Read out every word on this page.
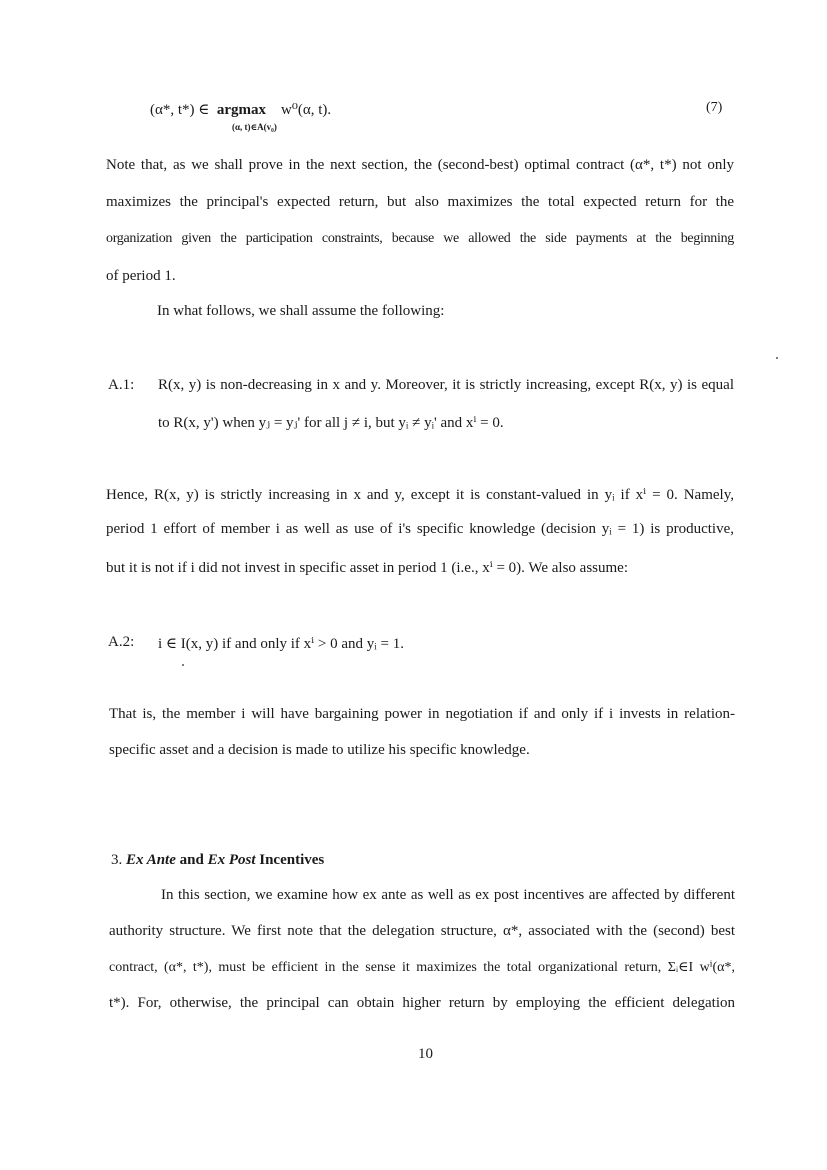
(α*, t*) ∈ argmax w⁰(α, t).
(α, t)∈A(v₀)
(7)
Note that, as we shall prove in the next section, the (second-best) optimal contract (α*, t*) not only
maximizes the principal's expected return, but also maximizes the total expected return for the
organization given the participation constraints, because we allowed the side payments at the beginning
of period 1.
In what follows, we shall assume the following:
A.1: R(x, y) is non-decreasing in x and y. Moreover, it is strictly increasing, except R(x, y) is equal
to R(x, y') when yⱼ = yⱼ' for all j ≠ i, but yᵢ ≠ yᵢ' and xⁱ = 0.
Hence, R(x, y) is strictly increasing in x and y, except it is constant-valued in yᵢ if xⁱ = 0. Namely,
period 1 effort of member i as well as use of i's specific knowledge (decision yᵢ = 1) is productive,
but it is not if i did not invest in specific asset in period 1 (i.e., xⁱ = 0). We also assume:
A.2: i ∈ I(x, y) if and only if xⁱ > 0 and yᵢ = 1.
That is, the member i will have bargaining power in negotiation if and only if i invests in relation-
specific asset and a decision is made to utilize his specific knowledge.
3. Ex Ante and Ex Post Incentives
In this section, we examine how ex ante as well as ex post incentives are affected by different
authority structure. We first note that the delegation structure, α*, associated with the (second) best
contract, (α*, t*), must be efficient in the sense it maximizes the total organizational return, Σᵢ∈I wⁱ(α*,
t*). For, otherwise, the principal can obtain higher return by employing the efficient delegation
10
